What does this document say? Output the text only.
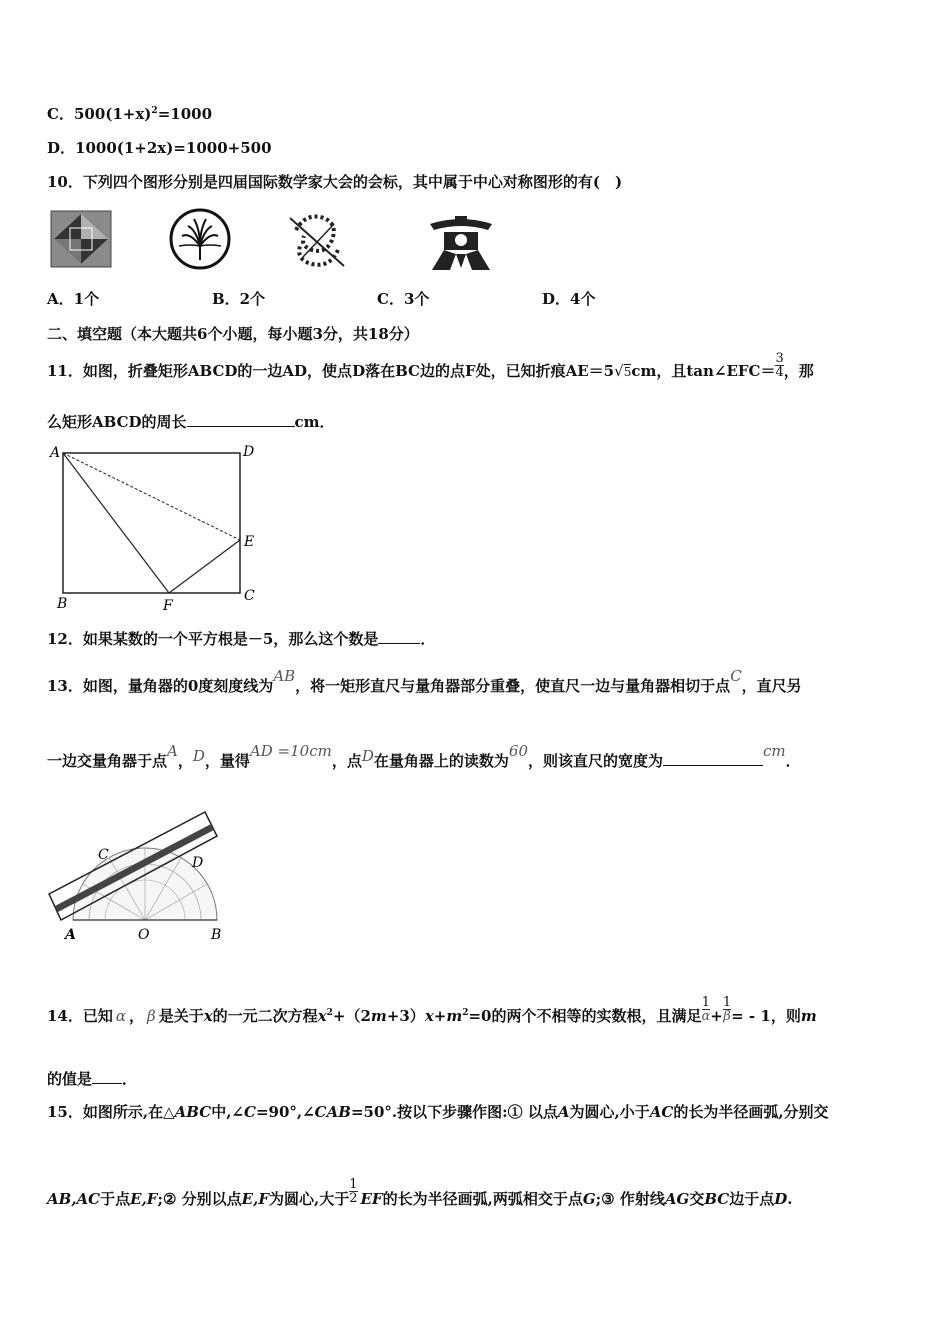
C．$500(1+x)^2=1000$
D．1000(1+2x)=1000+500
10．下列四个图形分别是四届国际数学家大会的会标，其中属于中心对称图形的有(　)
A．1个	B．2个	C．3个	D．4个
二、填空题（本大题共6个小题，每小题3分，共18分）
11．如图，折叠矩形ABCD的一边AD，使点D落在BC边的点F处，已知折痕AE＝5√5cm，且tan∠EFC＝ $\frac{3}{4}$ ，那
么矩形ABCD的周长	cm．
A	D
E
B	F
C
12．如果某数的一个平方根是－5，那么这个数是	．
13．如图，量角器的0度刻度线为AB，将一矩形直尺与量角器部分重叠，使直尺一边与量角器相切于点C，直尺另
一边交量角器于点A，D，量得AD =10cm，点D在量角器上的读数为60，则该直尺的宽度为cm．
A	O	B
C	D
14．已知 α ， β 是关于x的一元二次方程$x^2+(2m+3)x+m^2=0$的两个不相等的实数根，且满足 $\frac{1}{\alpha} + \frac{1}{\beta}$ = - 1，则m
的值是 ．
15．如图所示,在△ABC中,∠C=90°,∠CAB=50°.按以下步骤作图:① 以点A为圆心,小于AC的长为半径画弧,分别交
AB,AC于点E,F;② 分别以点E,F为圆心,大于 $\frac{1}{2}$ EF的长为半径画弧,两弧相交于点G;③ 作射线AG交BC边于点D.
